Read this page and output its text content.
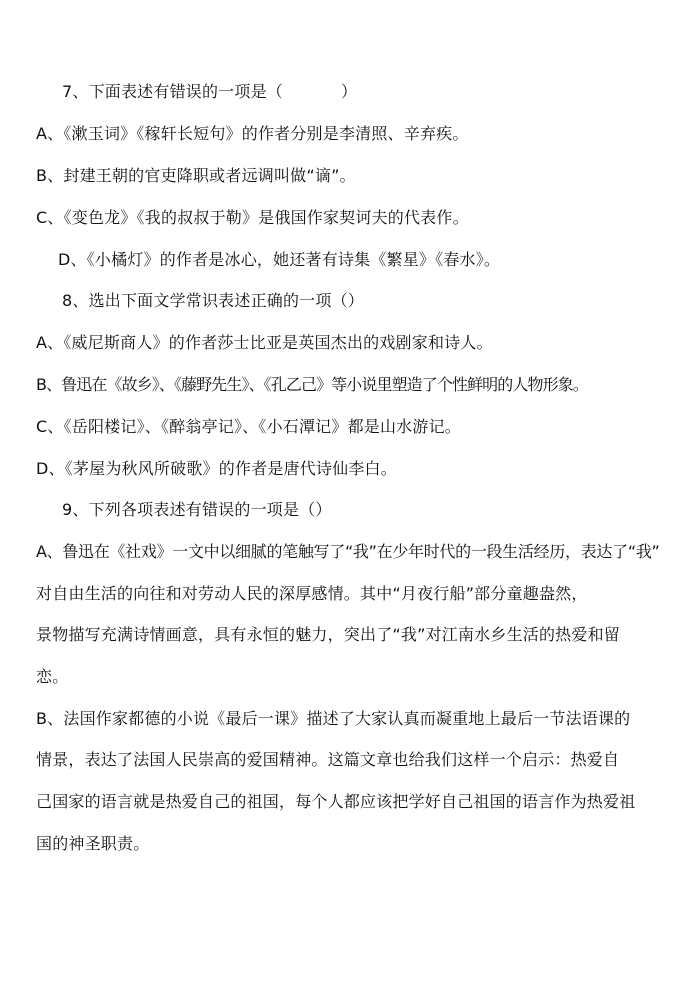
7、下面表述有错误的一项是（	）
A、《漱玉词》《稼轩长短句》的作者分别是李清照、辛弃疾。
B、封建王朝的官吏降职或者远调叫做“谪”。
C、《变色龙》《我的叔叔于勒》是俄国作家契诃夫的代表作。
D、《小橘灯》的作者是冰心，她还著有诗集《繁星》《春水》。
8、选出下面文学常识表述正确的一项（）
A、《威尼斯商人》的作者莎士比亚是英国杰出的戏剧家和诗人。
B、鲁迅在《故乡》、《藤野先生》、《孔乙己》等小说里塑造了个性鲜明的人物形象。
C、《岳阳楼记》、《醉翁亭记》、《小石潭记》都是山水游记。
D、《茅屋为秋风所破歌》的作者是唐代诗仙李白。
9、下列各项表述有错误的一项是（）
A、鲁迅在《社戏》一文中以细腻的笔触写了“我”在少年时代的一段生活经历，表达了“我”
对自由生活的向往和对劳动人民的深厚感情。其中“月夜行船”部分童趣盎然，
景物描写充满诗情画意，具有永恒的魅力，突出了“我”对江南水乡生活的热爱和留
恋。
B、法国作家都德的小说《最后一课》描述了大家认真而凝重地上最后一节法语课的
情景，表达了法国人民崇高的爱国精神。这篇文章也给我们这样一个启示：热爱自
己国家的语言就是热爱自己的祖国，每个人都应该把学好自己祖国的语言作为热爱祖
国的神圣职责。
